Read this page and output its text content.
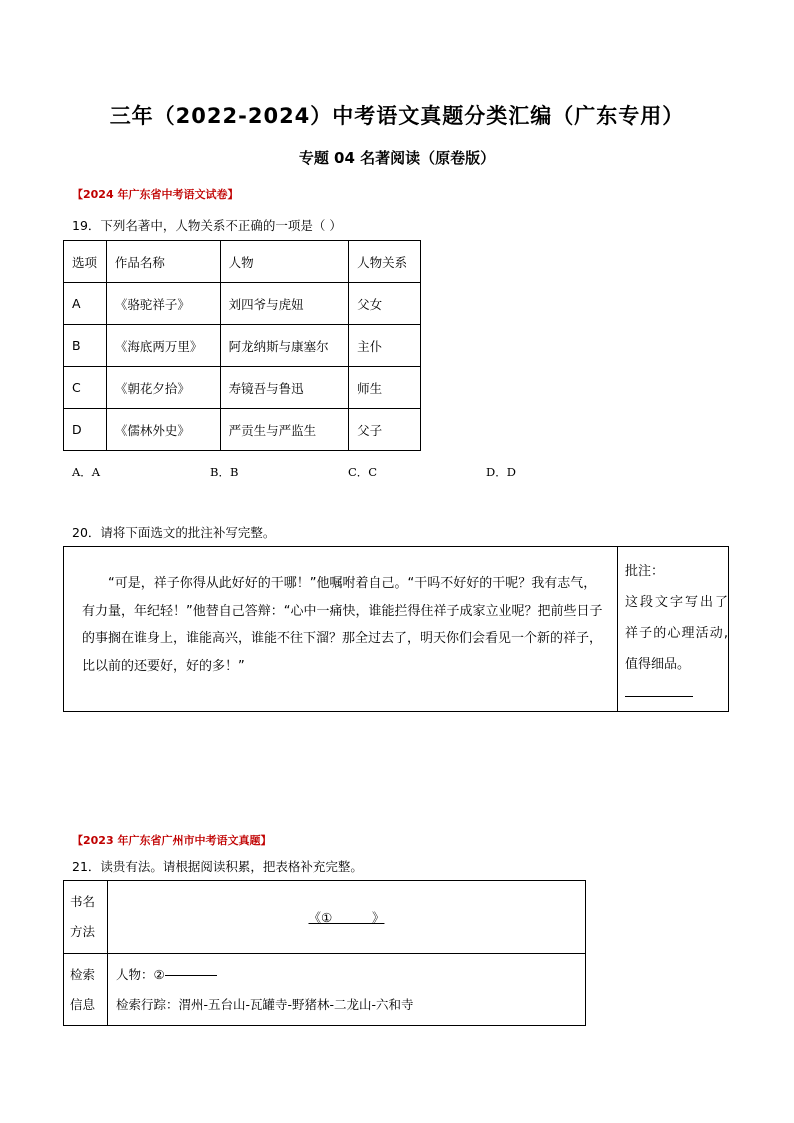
三年（2022-2024）中考语文真题分类汇编（广东专用）
专题 04 名著阅读（原卷版）
【2024 年广东省中考语文试卷】
19．下列名著中，人物关系不正确的一项是（ ）
选项	作品名称	人物	人物关系
A	《骆驼祥子》	刘四爷与虎妞	父女
B	《海底两万里》	阿龙纳斯与康塞尔	主仆
C	《朝花夕拾》	寿镜吾与鲁迅	师生
D	《儒林外史》	严贡生与严监生	父子
A．A	B．B	C．C	D．D
20．请将下面选文的批注补写完整。

“可是，祥子你得从此好好的干哪！”他嘱咐着自己。“干吗不好好的干呢？我有志气，有力量，年纪轻！”他替自己答辩：“心中一痛快，谁能拦得住祥子成家立业呢？把前些日子的事搁在谁身上，谁能高兴，谁能不往下溜？那全过去了，明天你们会看见一个新的祥子，比以前的还要好，好的多！”

批注：
这段文字写出了祥子的心理活动,值得细品。
【2023 年广东省广州市中考语文真题】
21．读贵有法。请根据阅读积累，把表格补充完整。
书名方法	《①          》
检索信息	人物：②
检索行踪：渭州-五台山-瓦罐寺-野猪林-二龙山-六和寺
